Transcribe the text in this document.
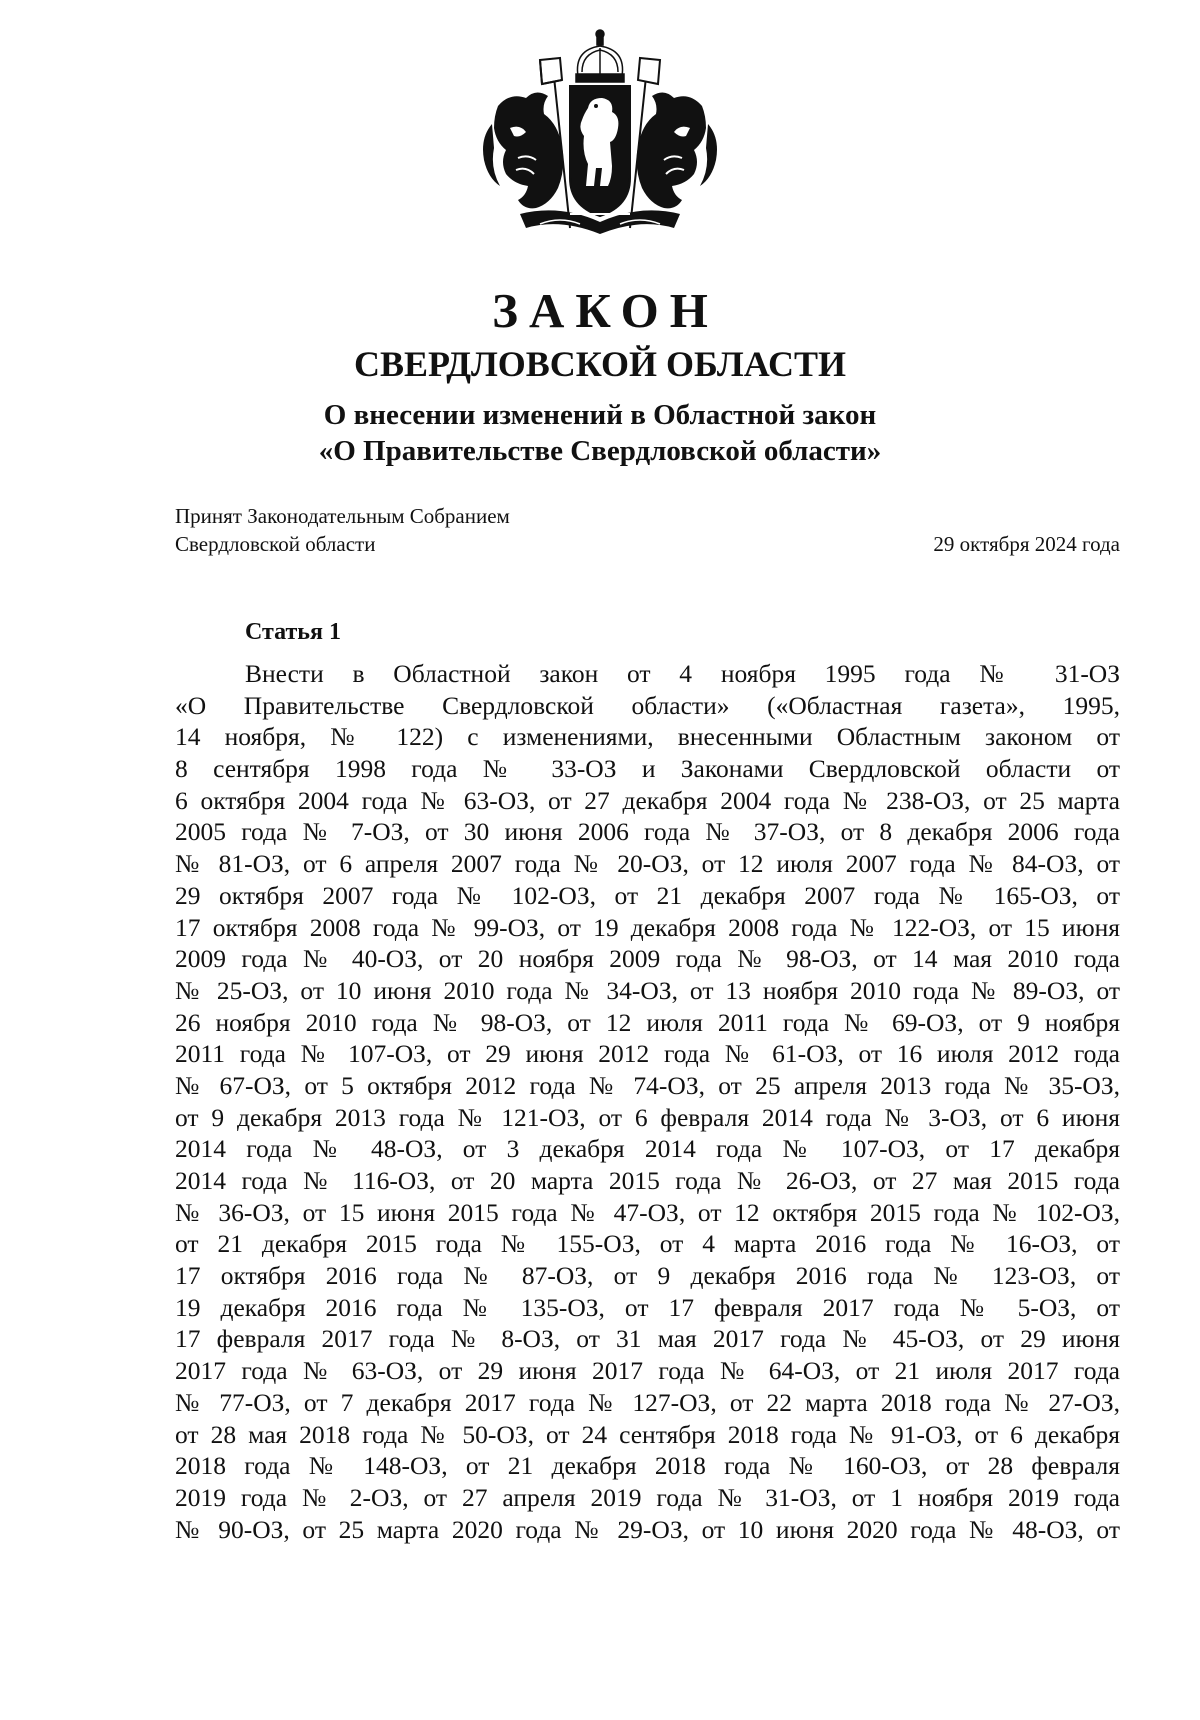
ЗАКОН
СВЕРДЛОВСКОЙ ОБЛАСТИ
О внесении изменений в Областной закон
«О Правительстве Свердловской области»
Принят Законодательным Собранием
Свердловской области	29 октября 2024 года
Статья 1
Внести в Областной закон от 4 ноября 1995 года № 31-ОЗ
«О Правительстве Свердловской области» («Областная газета», 1995,
14 ноября, № 122) с изменениями, внесенными Областным законом от
8 сентября 1998 года № 33-ОЗ и Законами Свердловской области от
6 октября 2004 года № 63-ОЗ, от 27 декабря 2004 года № 238-ОЗ, от 25 марта
2005 года № 7-ОЗ, от 30 июня 2006 года № 37-ОЗ, от 8 декабря 2006 года
№ 81-ОЗ, от 6 апреля 2007 года № 20-ОЗ, от 12 июля 2007 года № 84-ОЗ, от
29 октября 2007 года № 102-ОЗ, от 21 декабря 2007 года № 165-ОЗ, от
17 октября 2008 года № 99-ОЗ, от 19 декабря 2008 года № 122-ОЗ, от 15 июня
2009 года № 40-ОЗ, от 20 ноября 2009 года № 98-ОЗ, от 14 мая 2010 года
№ 25-ОЗ, от 10 июня 2010 года № 34-ОЗ, от 13 ноября 2010 года № 89-ОЗ, от
26 ноября 2010 года № 98-ОЗ, от 12 июля 2011 года № 69-ОЗ, от 9 ноября
2011 года № 107-ОЗ, от 29 июня 2012 года № 61-ОЗ, от 16 июля 2012 года
№ 67-ОЗ, от 5 октября 2012 года № 74-ОЗ, от 25 апреля 2013 года № 35-ОЗ,
от 9 декабря 2013 года № 121-ОЗ, от 6 февраля 2014 года № 3-ОЗ, от 6 июня
2014 года № 48-ОЗ, от 3 декабря 2014 года № 107-ОЗ, от 17 декабря
2014 года № 116-ОЗ, от 20 марта 2015 года № 26-ОЗ, от 27 мая 2015 года
№ 36-ОЗ, от 15 июня 2015 года № 47-ОЗ, от 12 октября 2015 года № 102-ОЗ,
от 21 декабря 2015 года № 155-ОЗ, от 4 марта 2016 года № 16-ОЗ, от
17 октября 2016 года № 87-ОЗ, от 9 декабря 2016 года № 123-ОЗ, от
19 декабря 2016 года № 135-ОЗ, от 17 февраля 2017 года № 5-ОЗ, от
17 февраля 2017 года № 8-ОЗ, от 31 мая 2017 года № 45-ОЗ, от 29 июня
2017 года № 63-ОЗ, от 29 июня 2017 года № 64-ОЗ, от 21 июля 2017 года
№ 77-ОЗ, от 7 декабря 2017 года № 127-ОЗ, от 22 марта 2018 года № 27-ОЗ,
от 28 мая 2018 года № 50-ОЗ, от 24 сентября 2018 года № 91-ОЗ, от 6 декабря
2018 года № 148-ОЗ, от 21 декабря 2018 года № 160-ОЗ, от 28 февраля
2019 года № 2-ОЗ, от 27 апреля 2019 года № 31-ОЗ, от 1 ноября 2019 года
№ 90-ОЗ, от 25 марта 2020 года № 29-ОЗ, от 10 июня 2020 года № 48-ОЗ, от
